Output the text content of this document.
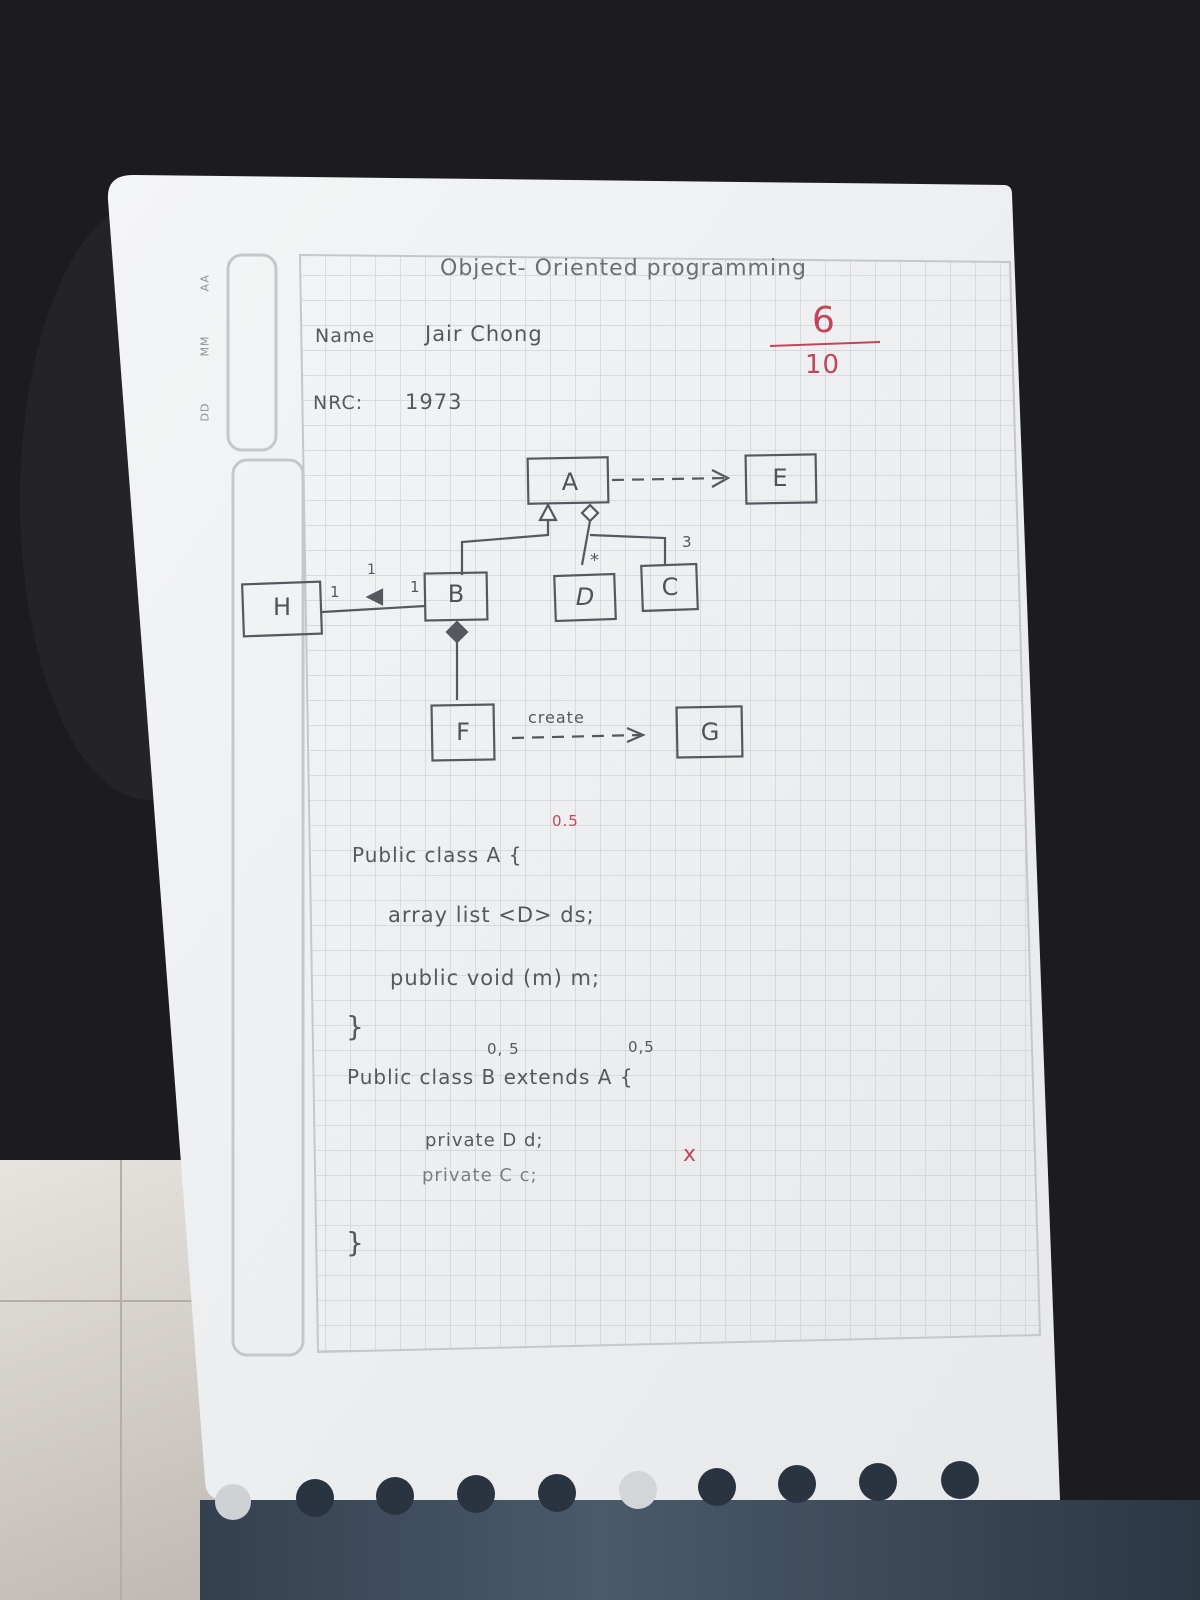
AA
MM
DD
Object- Oriented programming
Name Jair Chong
NRC: 1973
6
10
A
B	C
D
E
F	G
H
1	1
1	*
3
create
0.5
Public class A {
array list <D> ds;
public void (m) m;
}
0, 5	0,5
Public class B extends A {
private D d;
private C c;
x
}
